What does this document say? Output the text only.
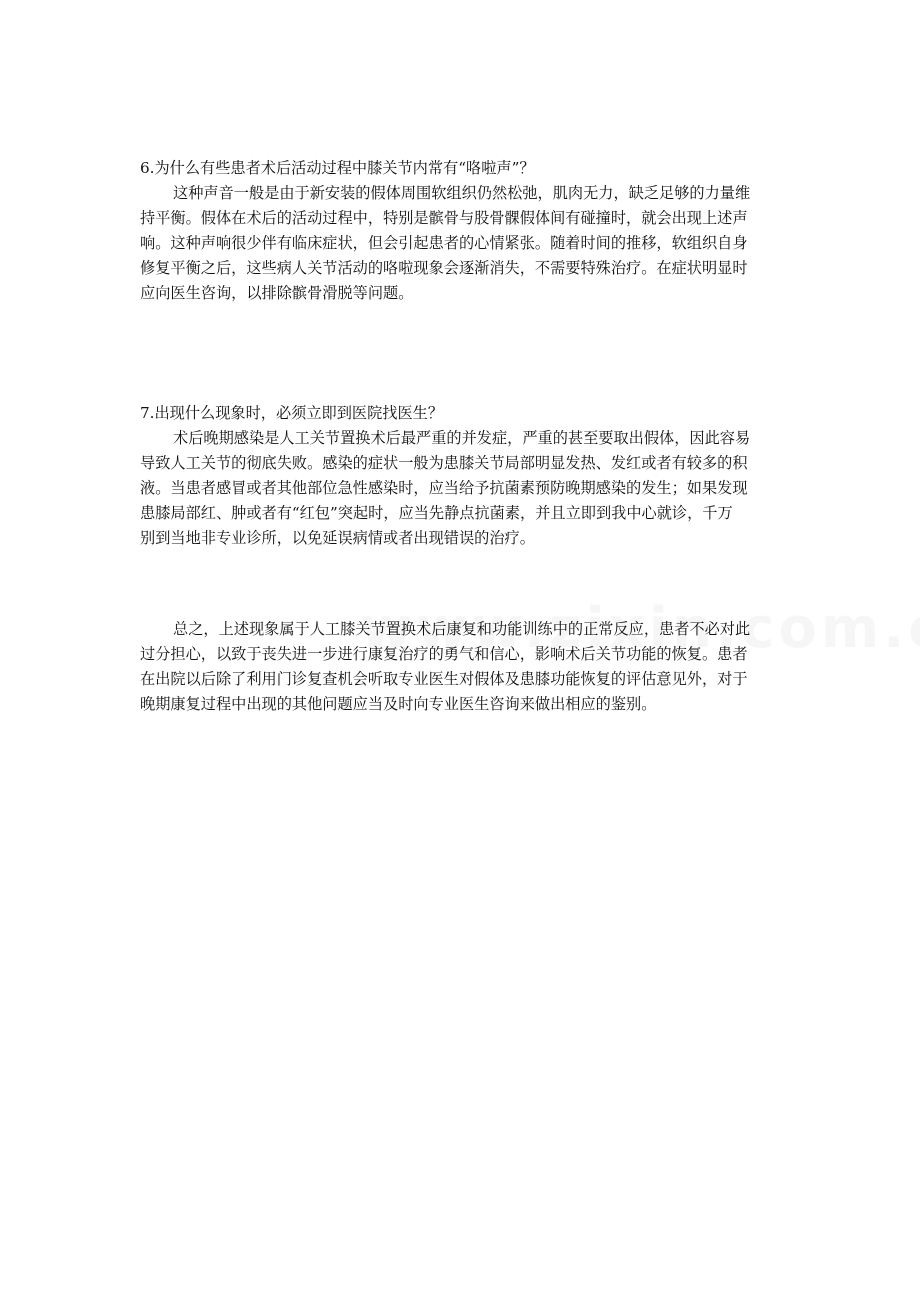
6.为什么有些患者术后活动过程中膝关节内常有“咯啦声”？
这种声音一般是由于新安装的假体周围软组织仍然松弛，肌肉无力，缺乏足够的力量维
持平衡。假体在术后的活动过程中，特别是髌骨与股骨髁假体间有碰撞时，就会出现上述声
响。这种声响很少伴有临床症状，但会引起患者的心情紧张。随着时间的推移，软组织自身
修复平衡之后，这些病人关节活动的咯啦现象会逐渐消失，不需要特殊治疗。在症状明显时
应向医生咨询，以排除髌骨滑脱等问题。
7.出现什么现象时，必须立即到医院找医生？
术后晚期感染是人工关节置换术后最严重的并发症，严重的甚至要取出假体，因此容易
导致人工关节的彻底失败。感染的症状一般为患膝关节局部明显发热、发红或者有较多的积
液。当患者感冒或者其他部位急性感染时，应当给予抗菌素预防晚期感染的发生；如果发现
患膝局部红、肿或者有“红包”突起时，应当先静点抗菌素，并且立即到我中心就诊，千万
别到当地非专业诊所，以免延误病情或者出现错误的治疗。
总之，上述现象属于人工膝关节置换术后康复和功能训练中的正常反应，患者不必对此
过分担心，以致于丧失进一步进行康复治疗的勇气和信心，影响术后关节功能的恢复。患者
在出院以后除了利用门诊复查机会听取专业医生对假体及患膝功能恢复的评估意见外，对于
晚期康复过程中出现的其他问题应当及时向专业医生咨询来做出相应的鉴别。
